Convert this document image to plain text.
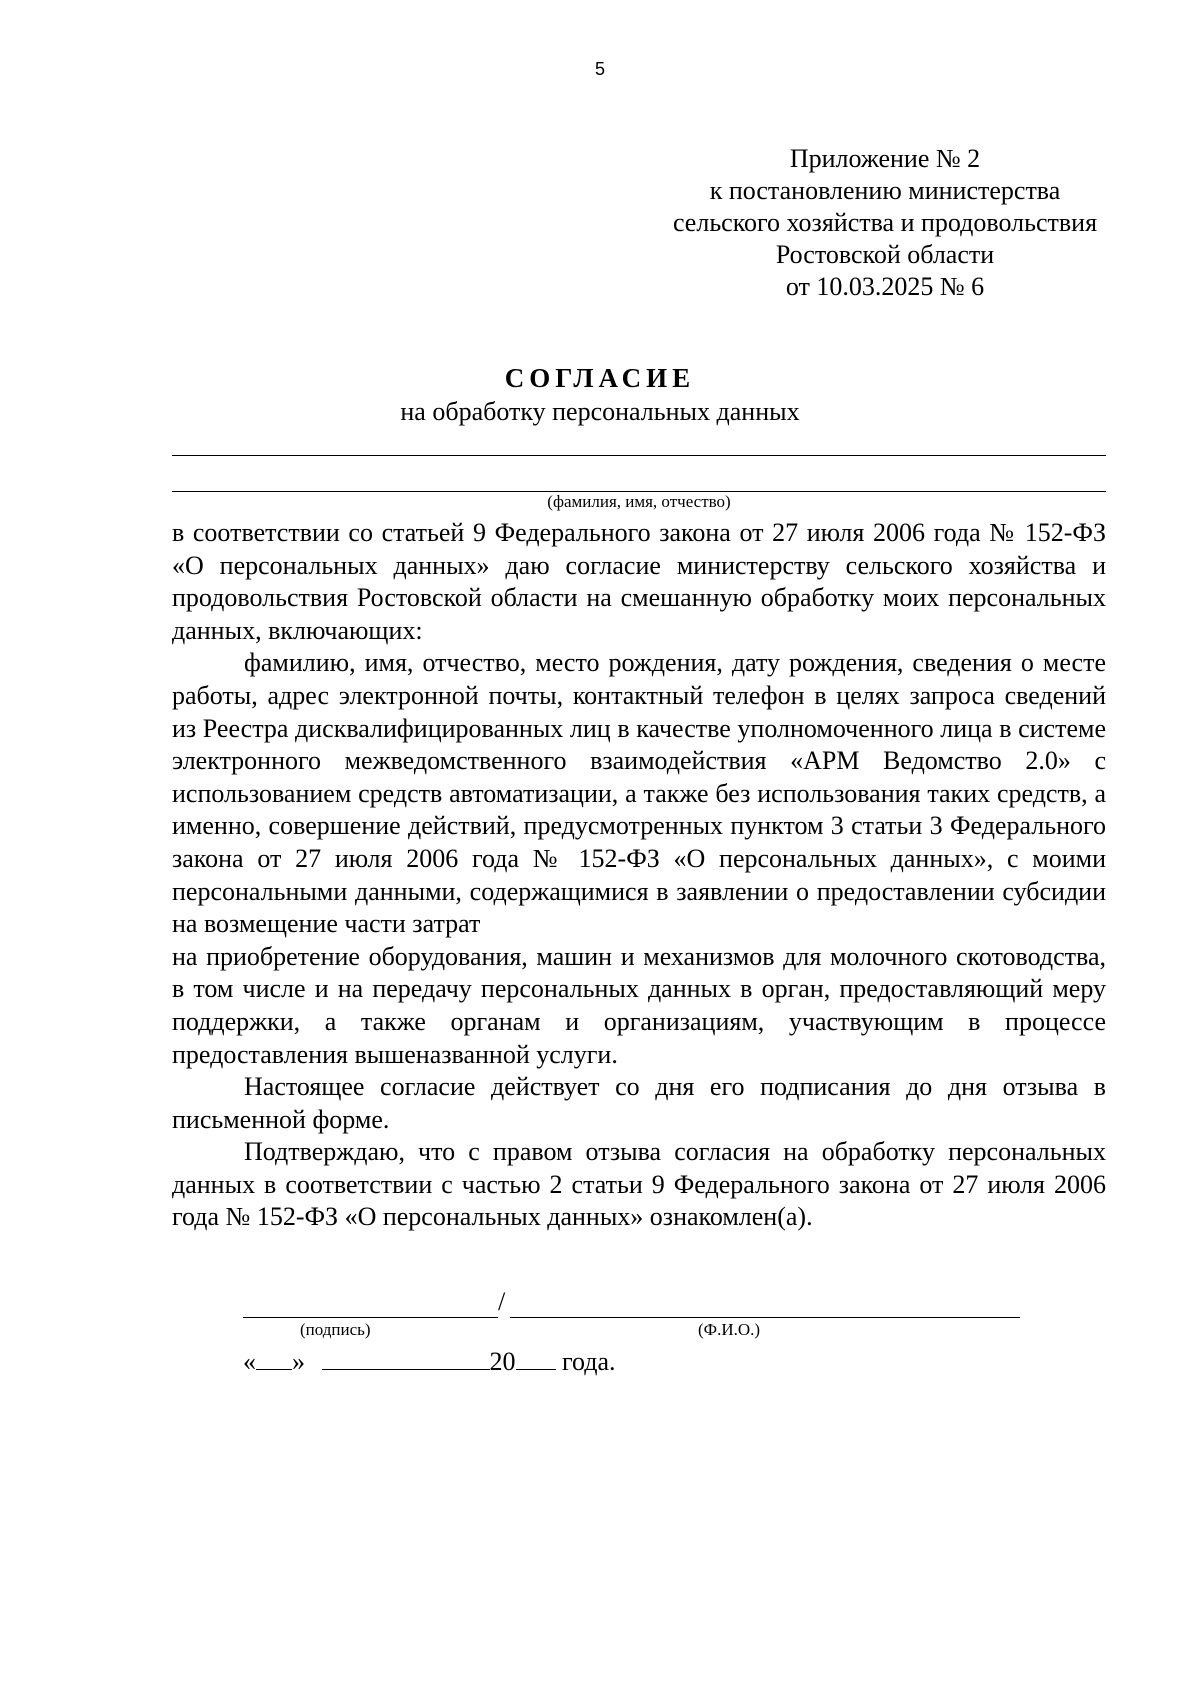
5
Приложение № 2
к постановлению министерства
сельского хозяйства и продовольствия
Ростовской области
от 10.03.2025 № 6
СОГЛАСИЕ
на обработку персональных данных
(фамилия, имя, отчество)

в соответствии со статьей 9 Федерального закона от 27 июля 2006 года № 152-ФЗ «О персональных данных» даю согласие министерству сельского хозяйства и продовольствия Ростовской области на смешанную обработку моих персональных данных, включающих:

фамилию, имя, отчество, место рождения, дату рождения, сведения о месте работы, адрес электронной почты, контактный телефон в целях запроса сведений из Реестра дисквалифицированных лиц в качестве уполномоченного лица в системе электронного межведомственного взаимодействия «АРМ Ведомство 2.0» с использованием средств автоматизации, а также без использования таких средств, а именно, совершение действий, предусмотренных пунктом 3 статьи 3 Федерального закона от 27 июля 2006 года № 152-ФЗ «О персональных данных», с моими персональными данными, содержащимися в заявлении о предоставлении субсидии на возмещение части затрат

на приобретение оборудования, машин и механизмов для молочного скотоводства, в том числе и на передачу персональных данных в орган, предоставляющий меру поддержки, а также органам и организациям, участвующим в процессе предоставления вышеназванной услуги.

Настоящее согласие действует со дня его подписания до дня отзыва в письменной форме.

Подтверждаю, что с правом отзыва согласия на обработку персональных данных в соответствии с частью 2 статьи 9 Федерального закона от 27 июля 2006 года № 152-ФЗ «О персональных данных» ознакомлен(а).

/
(подпись)	(Ф.И.О.)
« »	20 года.
